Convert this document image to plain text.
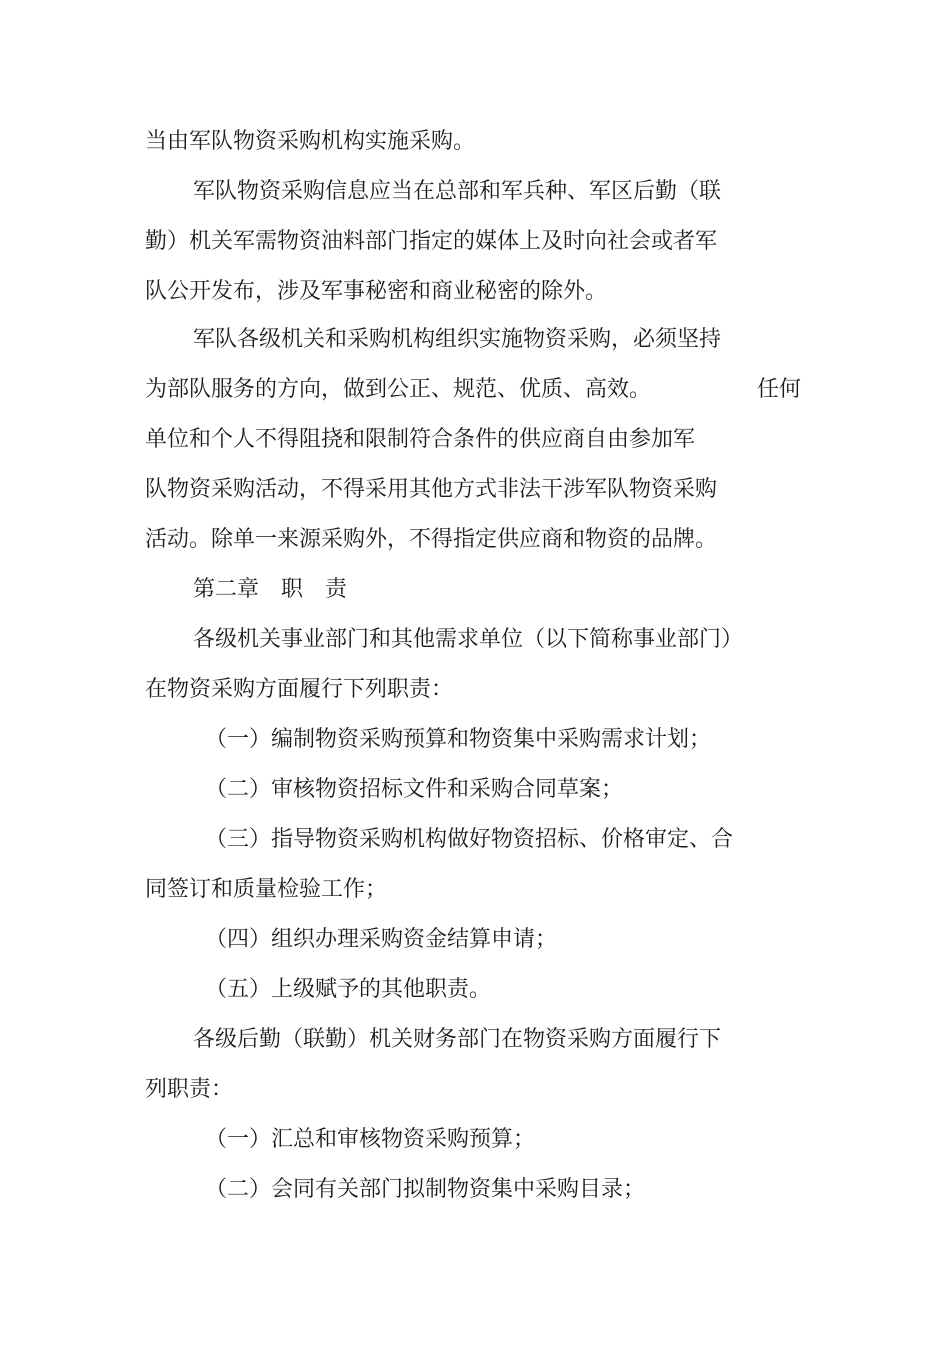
当由军队物资采购机构实施采购。
军队物资采购信息应当在总部和军兵种、军区后勤（联
勤）机关军需物资油料部门指定的媒体上及时向社会或者军
队公开发布，涉及军事秘密和商业秘密的除外。
军队各级机关和采购机构组织实施物资采购，必须坚持
为部队服务的方向，做到公正、规范、优质、高效。	任何
单位和个人不得阻挠和限制符合条件的供应商自由参加军
队物资采购活动，不得采用其他方式非法干涉军队物资采购
活动。除单一来源采购外，不得指定供应商和物资的品牌。
第二章　职　责
各级机关事业部门和其他需求单位（以下简称事业部门）
在物资采购方面履行下列职责：
（一）编制物资采购预算和物资集中采购需求计划；
（二）审核物资招标文件和采购合同草案；
（三）指导物资采购机构做好物资招标、价格审定、合
同签订和质量检验工作；
（四）组织办理采购资金结算申请；
（五）上级赋予的其他职责。
各级后勤（联勤）机关财务部门在物资采购方面履行下
列职责：
（一）汇总和审核物资采购预算；
（二）会同有关部门拟制物资集中采购目录；
